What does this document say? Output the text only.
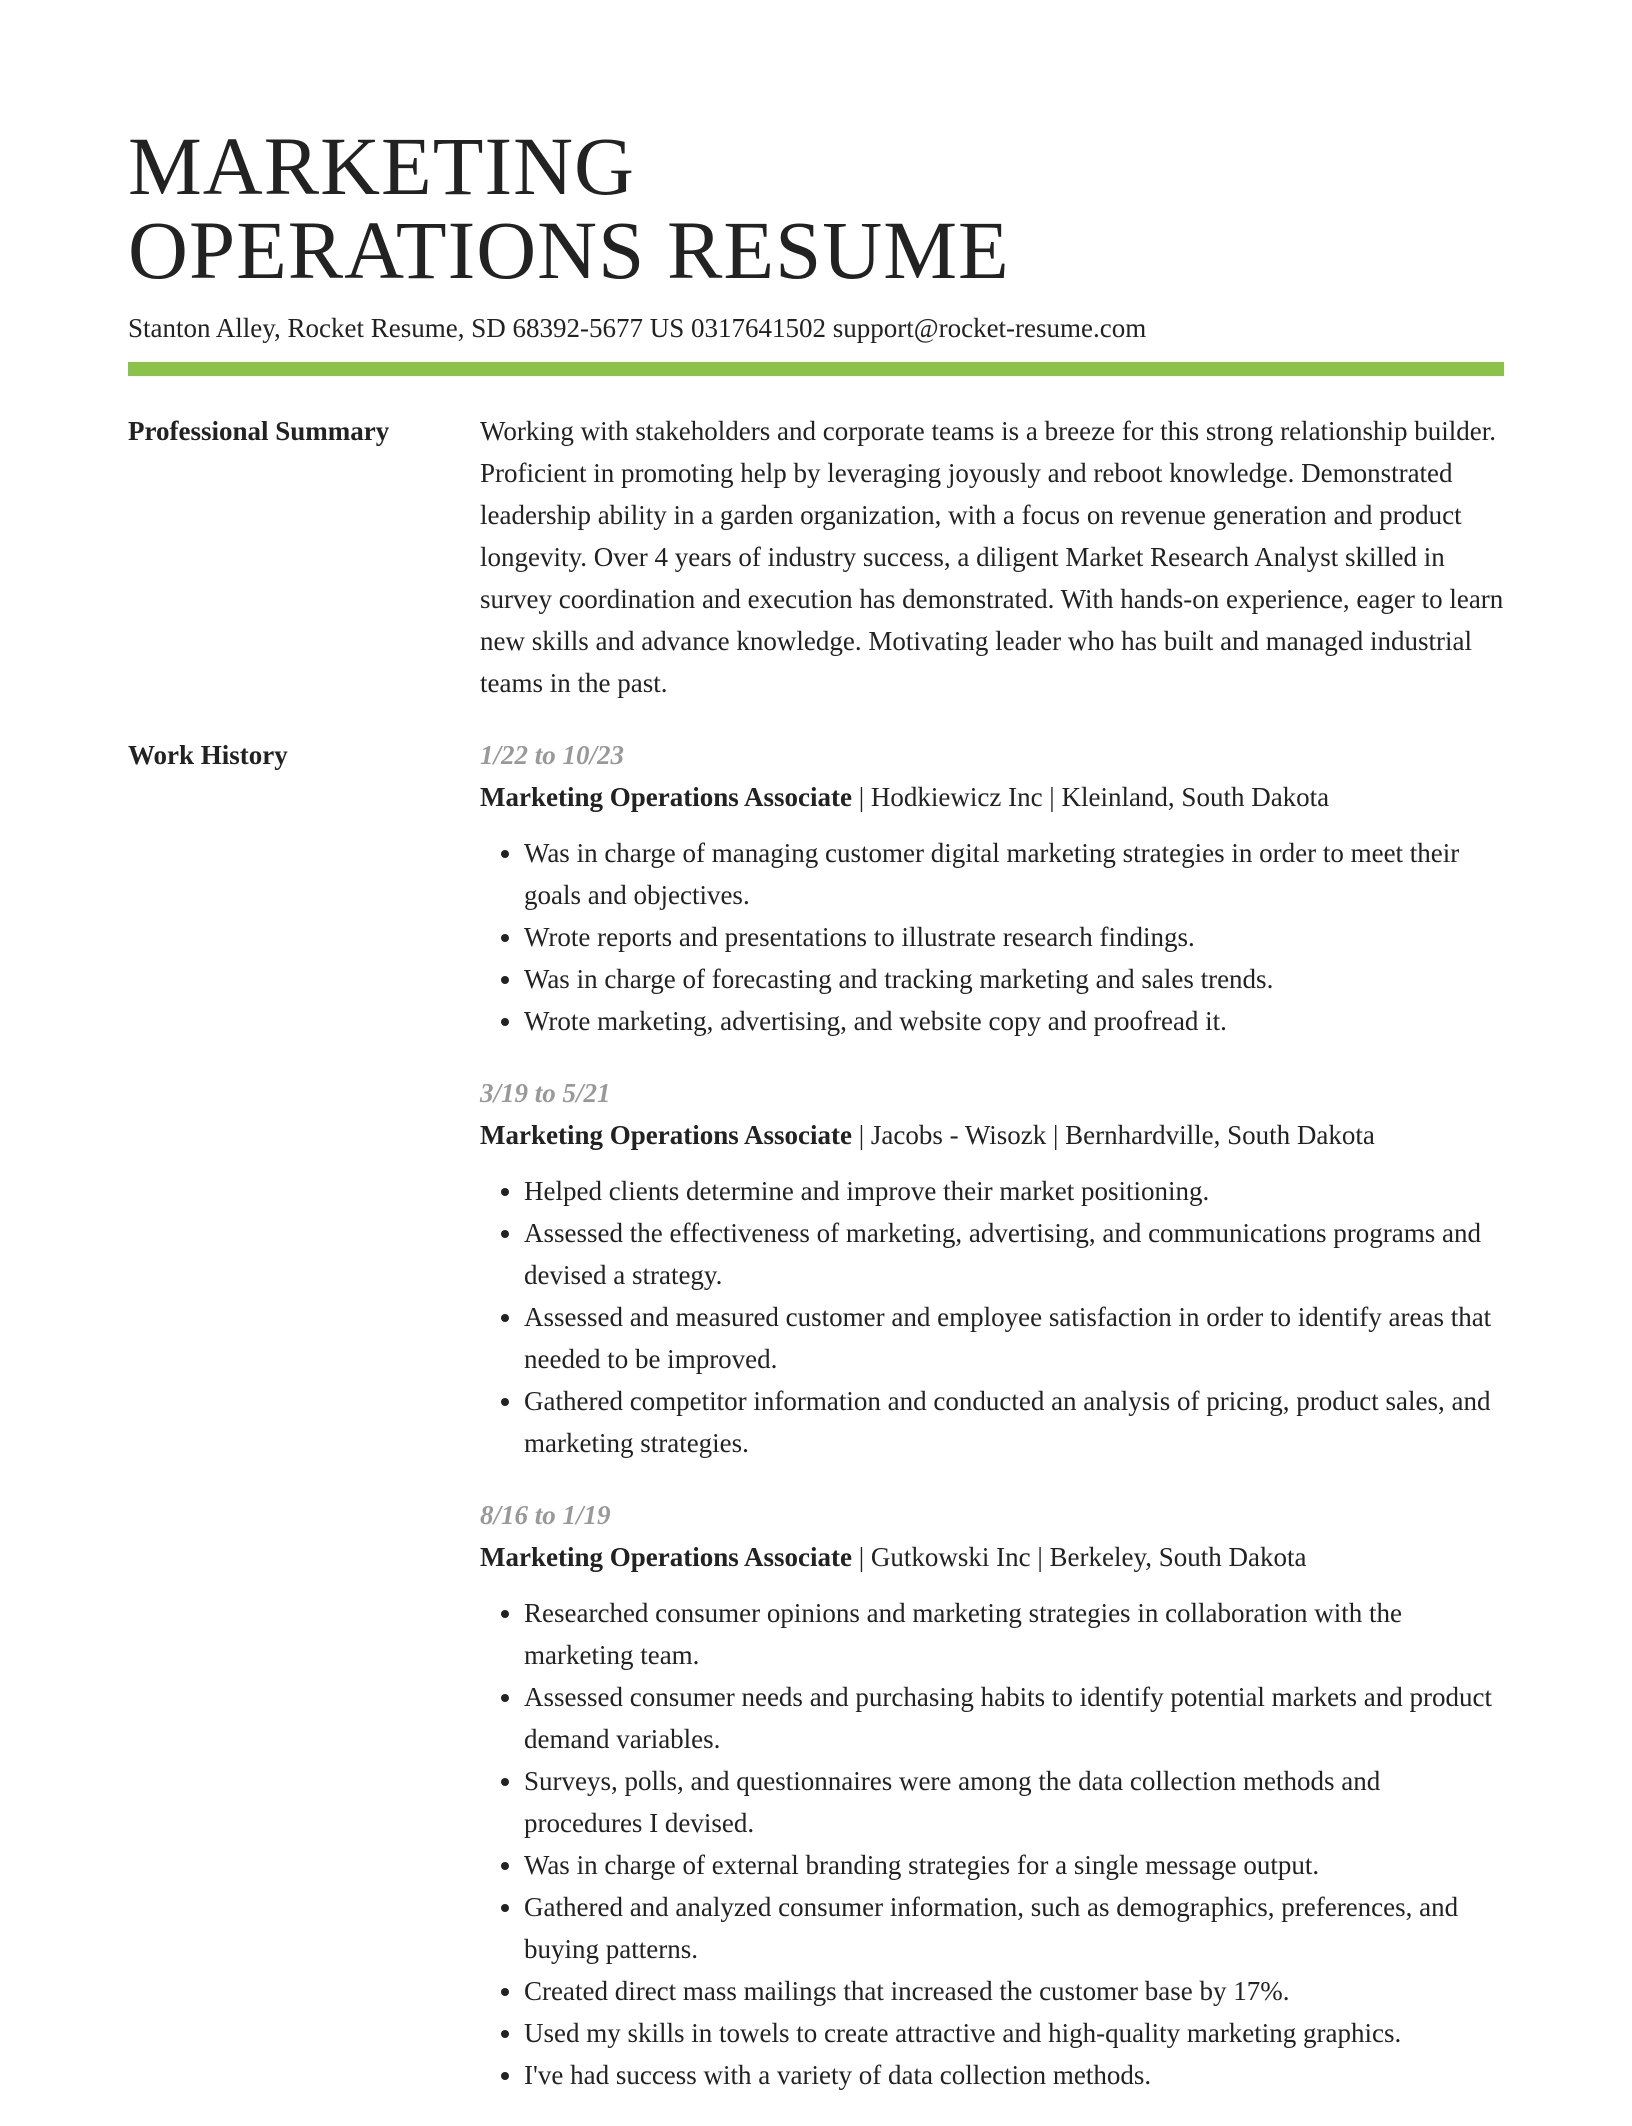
MARKETING
OPERATIONS RESUME
Stanton Alley, Rocket Resume, SD 68392-5677 US 0317641502 support@rocket-resume.com
Professional Summary	Working with stakeholders and corporate teams is a breeze for this strong relationship builder. Proficient in promoting help by leveraging joyously and reboot knowledge. Demonstrated leadership ability in a garden organization, with a focus on revenue generation and product longevity. Over 4 years of industry success, a diligent Market Research Analyst skilled in survey coordination and execution has demonstrated. With hands-on experience, eager to learn new skills and advance knowledge. Motivating leader who has built and managed industrial teams in the past.

Work History	1/22 to 10/23

Marketing Operations Associate | Hodkiewicz Inc | Kleinland, South Dakota

• Was in charge of managing customer digital marketing strategies in order to meet their goals and objectives.
• Wrote reports and presentations to illustrate research findings.
• Was in charge of forecasting and tracking marketing and sales trends.
• Wrote marketing, advertising, and website copy and proofread it.
3/19 to 5/21

Marketing Operations Associate | Jacobs - Wisozk | Bernhardville, South Dakota

• Helped clients determine and improve their market positioning.
• Assessed the effectiveness of marketing, advertising, and communications programs and devised a strategy.
• Assessed and measured customer and employee satisfaction in order to identify areas that needed to be improved.
• Gathered competitor information and conducted an analysis of pricing, product sales, and marketing strategies.
8/16 to 1/19

Marketing Operations Associate | Gutkowski Inc | Berkeley, South Dakota

• Researched consumer opinions and marketing strategies in collaboration with the marketing team.
• Assessed consumer needs and purchasing habits to identify potential markets and product demand variables.
• Surveys, polls, and questionnaires were among the data collection methods and procedures I devised.
• Was in charge of external branding strategies for a single message output.
• Gathered and analyzed consumer information, such as demographics, preferences, and buying patterns.
• Created direct mass mailings that increased the customer base by 17%.
• Used my skills in towels to create attractive and high-quality marketing graphics.
• I've had success with a variety of data collection methods.
